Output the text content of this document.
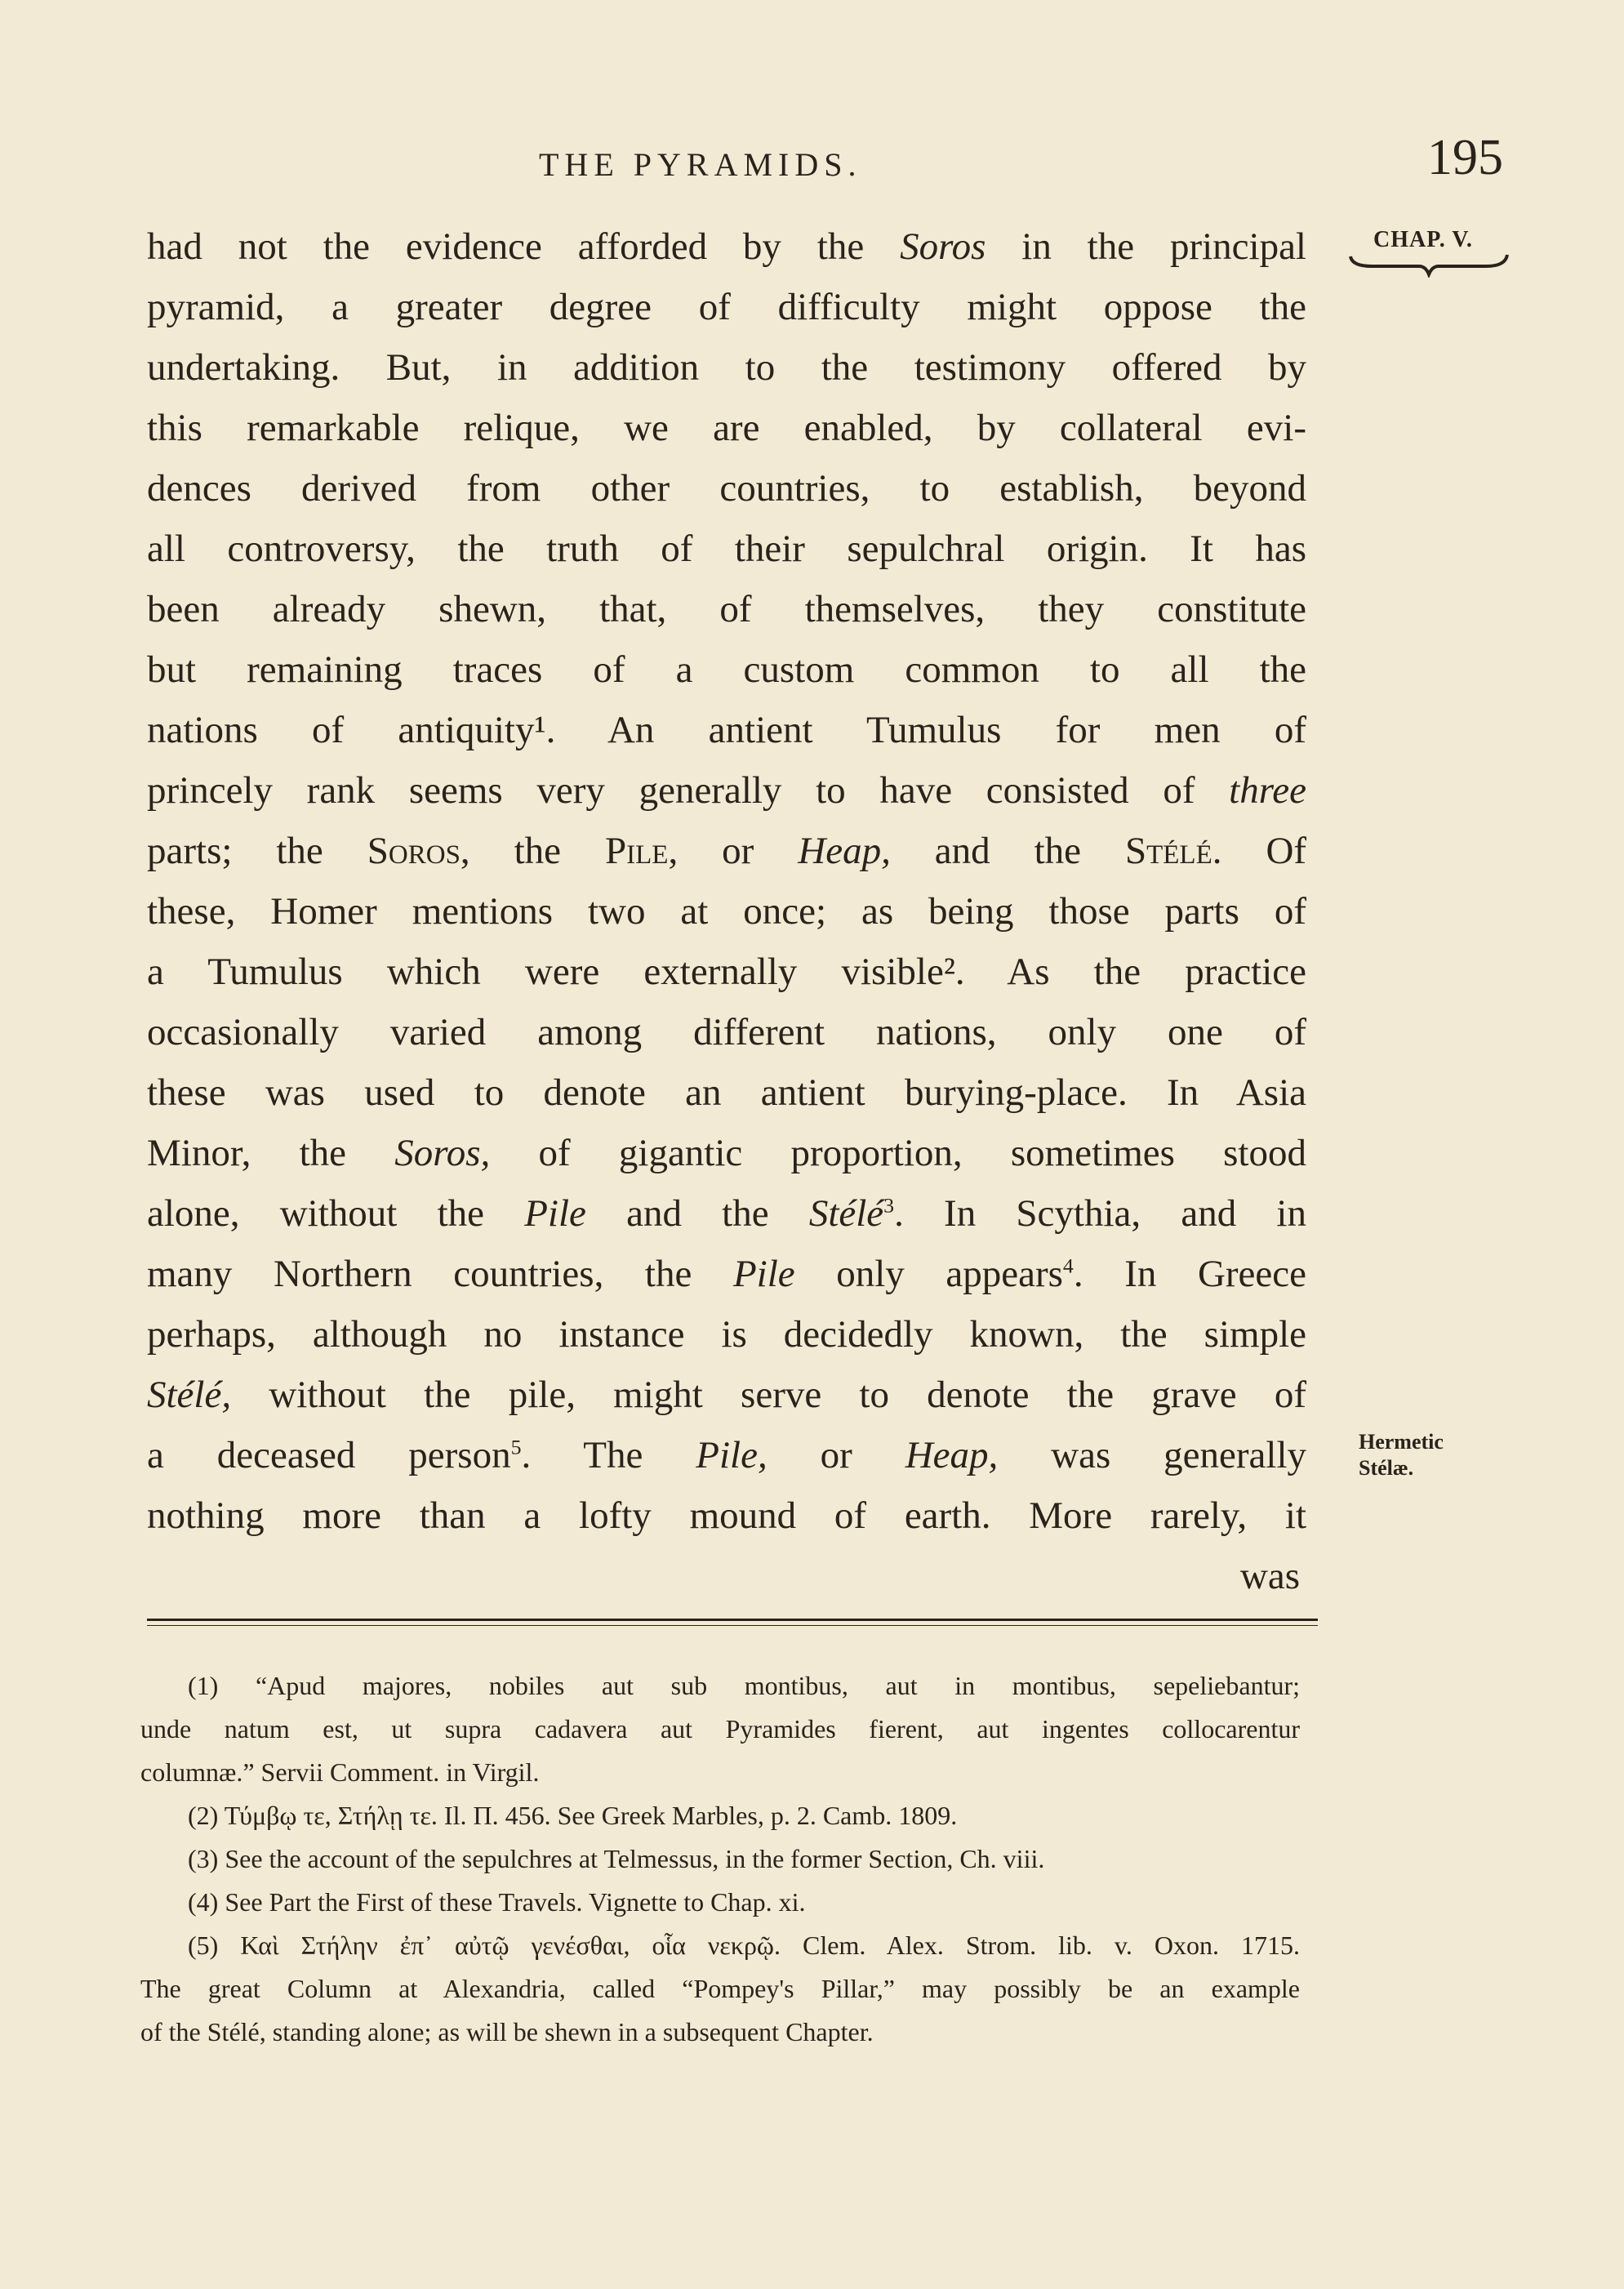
THE PYRAMIDS.	195
CHAP. V.
had not the evidence afforded by the Soros in the principal
pyramid, a greater degree of difficulty might oppose the
undertaking. But, in addition to the testimony offered by
this remarkable relique, we are enabled, by collateral evi-
dences derived from other countries, to establish, beyond
all controversy, the truth of their sepulchral origin. It has
been already shewn, that, of themselves, they constitute
but remaining traces of a custom common to all the
nations of antiquity¹. An antient Tumulus for men of
princely rank seems very generally to have consisted of three
parts; the Soros, the Pile, or Heap, and the Stélé. Of
these, Homer mentions two at once; as being those parts of
a Tumulus which were externally visible². As the practice
occasionally varied among different nations, only one of
these was used to denote an antient burying-place. In Asia
Minor, the Soros, of gigantic proportion, sometimes stood
alone, without the Pile and the Stélé$^3$. In Scythia, and in
many Northern countries, the Pile only appears$^4$. In Greece
perhaps, although no instance is decidedly known, the simple
Stélé, without the pile, might serve to denote the grave of
a deceased person$^5$. The Pile, or Heap, was generally
nothing more than a lofty mound of earth. More rarely, it
was
Hermetic
Stélæ.
(1) “Apud majores, nobiles aut sub montibus, aut in montibus, sepeliebantur;
unde natum est, ut supra cadavera aut Pyramides fierent, aut ingentes collocarentur
columnæ.” Servii Comment. in Virgil.
(2) Τύμβῳ τε, Στήλῃ τε. Il. Π. 456. See Greek Marbles, p. 2. Camb. 1809.
(3) See the account of the sepulchres at Telmessus, in the former Section, Ch. viii.
(4) See Part the First of these Travels. Vignette to Chap. xi.
(5) Καὶ Στήλην ἐπ᾽ αὐτῷ γενέσθαι, οἷα νεκρῷ. Clem. Alex. Strom. lib. v. Oxon. 1715.
The great Column at Alexandria, called “Pompey's Pillar,” may possibly be an example
of the Stélé, standing alone; as will be shewn in a subsequent Chapter.
